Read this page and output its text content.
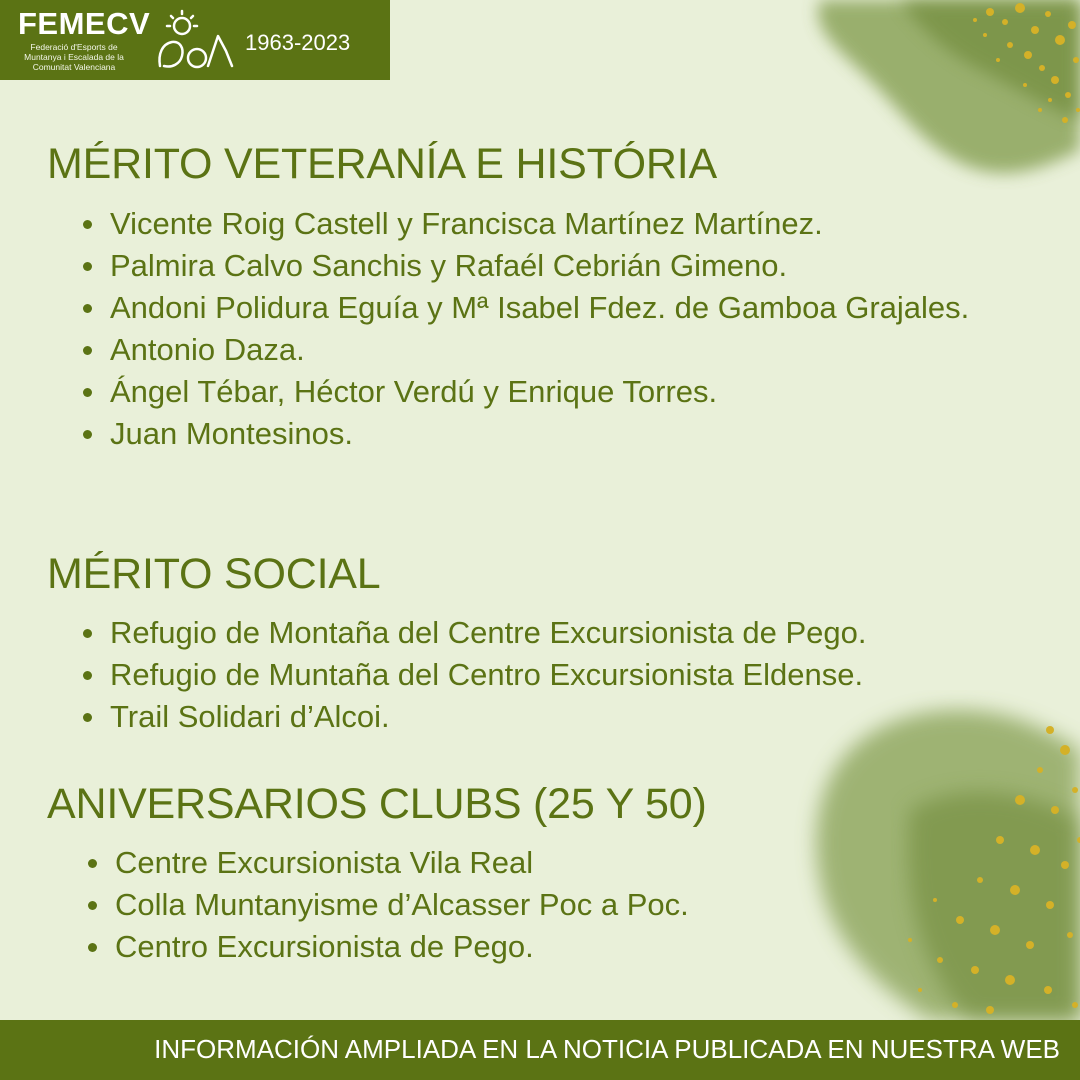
FEMECV
Federació d'Esports de Muntanya i Escalada de la Comunitat Valenciana
1963-2023
MÉRITO VETERANÍA E HISTÓRIA
Vicente Roig Castell y Francisca Martínez Martínez.
Palmira Calvo Sanchis y Rafaél Cebrián Gimeno.
Andoni Polidura Eguía y Mª Isabel Fdez. de Gamboa Grajales.
Antonio Daza.
Ángel Tébar, Héctor Verdú y Enrique Torres.
Juan Montesinos.
MÉRITO SOCIAL
Refugio de Montaña del Centre Excursionista de Pego.
Refugio de Muntaña del Centro Excursionista Eldense.
Trail Solidari d’Alcoi.
ANIVERSARIOS CLUBS (25 Y 50)
Centre Excursionista Vila Real
Colla Muntanyisme d’Alcasser Poc a Poc.
Centro Excursionista de Pego.
INFORMACIÓN AMPLIADA EN LA NOTICIA PUBLICADA EN NUESTRA WEB
